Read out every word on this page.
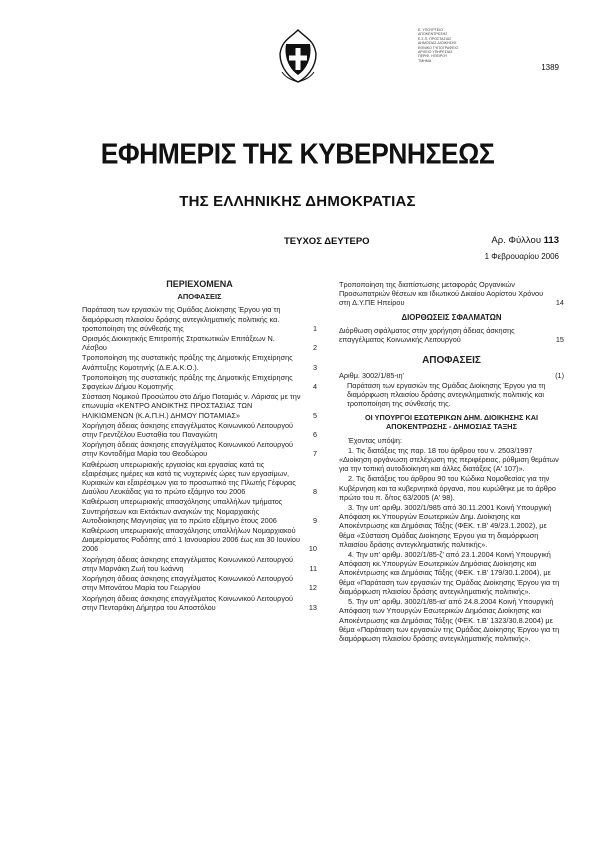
Ε. ΥΠΟΥΡΓΕΙΟ
ΑΠΟΚΕΝΤΡΩΣΗΣ
Ε.Σ.Π. ΠΡΟΣΤΑΣΙΑΣ
ΔΗΜΟΣΙΑΣ ΔΙΟΙΚΗΣΗΣ
ΕΘΝΙΚΟ ΤΥΠΟΓΡΑΦΕΙΟ
ΑΡΧΕΙΟ ΥΠΗΡΕΣΙΑΣ
ΠΕΡΙΦ. ΗΠΕΙΡΟΥ
ΤΜΗΜΑ
1389
ΕΦΗΜΕΡΙΣ ΤΗΣ ΚΥΒΕΡΝΗΣΕΩΣ
ΤΗΣ ΕΛΛΗΝΙΚΗΣ ΔΗΜΟΚΡΑΤΙΑΣ
ΤΕΥΧΟΣ ΔΕΥΤΕΡΟ	Αρ. Φύλλου 113
1 Φεβρουαρίου 2006
ΠΕΡΙΕΧΟΜΕΝΑ
ΑΠΟΦΑΣΕΙΣ
Παράταση των εργασιών της Ομάδας Διοίκησης Έργου για τη διαμόρφωση πλαισίου δράσης αντεγκληματικής πολιτικής κα. τροποποίηση της σύνθεσής της	1
Ορισμός Διοικητικής Επιτροπής Στρατιωτικών Επιτάξεων Ν. Λέσβου	2
Τροποποίηση της συστατικής πράξης της Δημοτικής Επιχείρησης Ανάπτυξης Κομοτηνής (Δ.Ε.Α.Κ.Ο.).	3
Τροποποίηση της συστατικής πράξης της Δημοτικής Επιχείρησης Σφαγείων Δήμου Κομοτηνής	4
Σύσταση Νομικού Προσώπου στο Δήμο Ποταμιάς ν. Λάρισας με την επωνυμία «ΚΕΝΤΡΟ ΑΝΟΙΚΤΗΣ ΠΡΟΣΤΑΣΙΑΣ ΤΩΝ ΗΛΙΚΙΩΜΕΝΩΝ (Κ.Α.Π.Η.) ΔΗΜΟΥ ΠΟΤΑΜΙΑΣ»	5
Χορήγηση άδειας άσκησης επαγγέλματος Κοινωνικού Λειτουργού στην Γρεντζέλου Ευσταθία του Παναγιώτη	6
Χορήγηση άδειας άσκησης επαγγέλματος Κοινωνικού Λειτουργού στην Κοντοδήμα Μαρία του Θεοδώρου	7
Καθιέρωση υπερωριακής εργασίας και εργασίας κατά τις εξαιρέσιμες ημέρες και κατά τις νυχτερινές ώρες των εργασίμων, Κυριακών και εξαιρέσιμων για το προσωπικό της Πλωτής Γέφυρας Διαύλου Λευκάδας για το πρώτο εξάμηνο του 2006	8
Καθιέρωση υπερωριακής απασχόλησης υπαλλήλων τμήματος Συντηρήσεων και Εκτάκτων αναγκών της Νομαρχιακής Αυτοδιοίκησης Μαγνησίας για το πρώτο εξάμηνο έτους 2006	9
Καθιέρωση υπερωριακής απασχόλησης υπαλλήλων Νομαρχιακού Διαμερίσματος Ροδόπης από 1 Ιανουαρίου 2006 έως και 30 Ιουνίου 2006	10
Χορήγηση άδειας άσκησης επαγγέλματος Κοινωνικού Λειτουργού στην Μαρνάκη Ζωή του Ιωάννη	11
Χορήγηση άδειας άσκησης επαγγέλματος Κοινωνικού Λειτουργού στην Μπονάτου Μαρία του Γεωργίου	12
Χορήγηση άδειας άσκησης επαγγέλματος Κοινωνικού Λειτουργού στην Πενταράκη Δήμητρα του Αποστόλου	13
Τροποποίηση της διαπίστωσης μεταφοράς Οργανικών Προσωπατριών θέσεων και Ιδιωτικού Δικαίου Αορίστου Χρόνου στη Δ.Υ.ΠΕ Ηπείρου	14
ΔΙΟΡΘΩΣΕΙΣ ΣΦΑΛΜΑΤΩΝ
Διόρθωση σφάλματος στην χορήγηση άδειας άσκησης επαγγέλματος Κοινωνικής Λειτουργού	15
ΑΠΟΦΑΣΕΙΣ
Αριθμ. 3002/1/85-ιη'	(1)
Παράταση των εργασιών της Ομάδας Διοίκησης Έργου για τη διαμόρφωση πλαισίου δράσης αντεγκληματικής πολιτικής και τροποποίηση της σύνθεσής της.
ΟΙ ΥΠΟΥΡΓΟΙ ΕΣΩΤΕΡΙΚΩΝ ΔΗΜ. ΔΙΟΙΚΗΣΗΣ ΚΑΙ ΑΠΟΚΕΝΤΡΩΣΗΣ - ΔΗΜΟΣΙΑΣ ΤΑΞΗΣ
Έχοντας υπόψη:
1. Τις διατάξεις της παρ. 18 του άρθρου του ν. 2503/1997 «Διοίκηση οργάνωση στελέχωση της περιφέρειας, ρύθμιση θεμάτων για την τοπική αυτοδιοίκηση και άλλες διατάξεις (Α' 107)».
2. Τις διατάξεις του άρθρου 90 του Κώδικα Νομοθεσίας για την Κυβέρνηση και τα κυβερνητικά όργανα, που κυρώθηκε με το άρθρο πρώτο του π. δ/τος 63/2005 (Α' 98).
3. Την υπ' αριθμ. 3002/1/985 από 30.11.2001 Κοινή Υπουργική Απόφαση κκ.Υπουργών Εσωτερικών Δημ. Διοίκησης και Αποκέντρωσης και Δημόσιας Τάξης (ΦΕΚ. τ.Β' 49/23.1.2002), με θέμα «Σύσταση Ομάδας Διοίκησης Έργου για τη διαμόρφωση πλαισίου δράσης αντεγκληματικής πολιτικής».
4. Την υπ' αριθμ. 3002/1/85-ζ' από 23.1.2004 Κοινή Υπουργική Απόφαση κκ.Υπουργών Εσωτερικών Δημόσιας Διοίκησης και Αποκέντρωσης και Δημόσιας Τάξης (ΦΕΚ. τ.Β' 179/30.1.2004), με θέμα «Παράταση των εργασιών της Ομάδας Διοίκησης Έργου για τη διαμόρφωση πλαισίου δράσης αντεγκληματικής πολιτικής».
5. Την υπ' αριθμ. 3002/1/85-ια' από 24.8.2004 Κοινή Υπουργική Απόφαση των Υπουργών Εσωτερικών Δημόσιας Διοίκησης και Αποκέντρωσης και Δημόσιας Τάξης (ΦΕΚ. τ.Β' 1323/30.8.2004) με θέμα «Παράταση των εργασιών της Ομάδας Διοίκησης Έργου για τη διαμόρφωση πλαισίου δράσης αντεγκληματικής πολιτικής».
